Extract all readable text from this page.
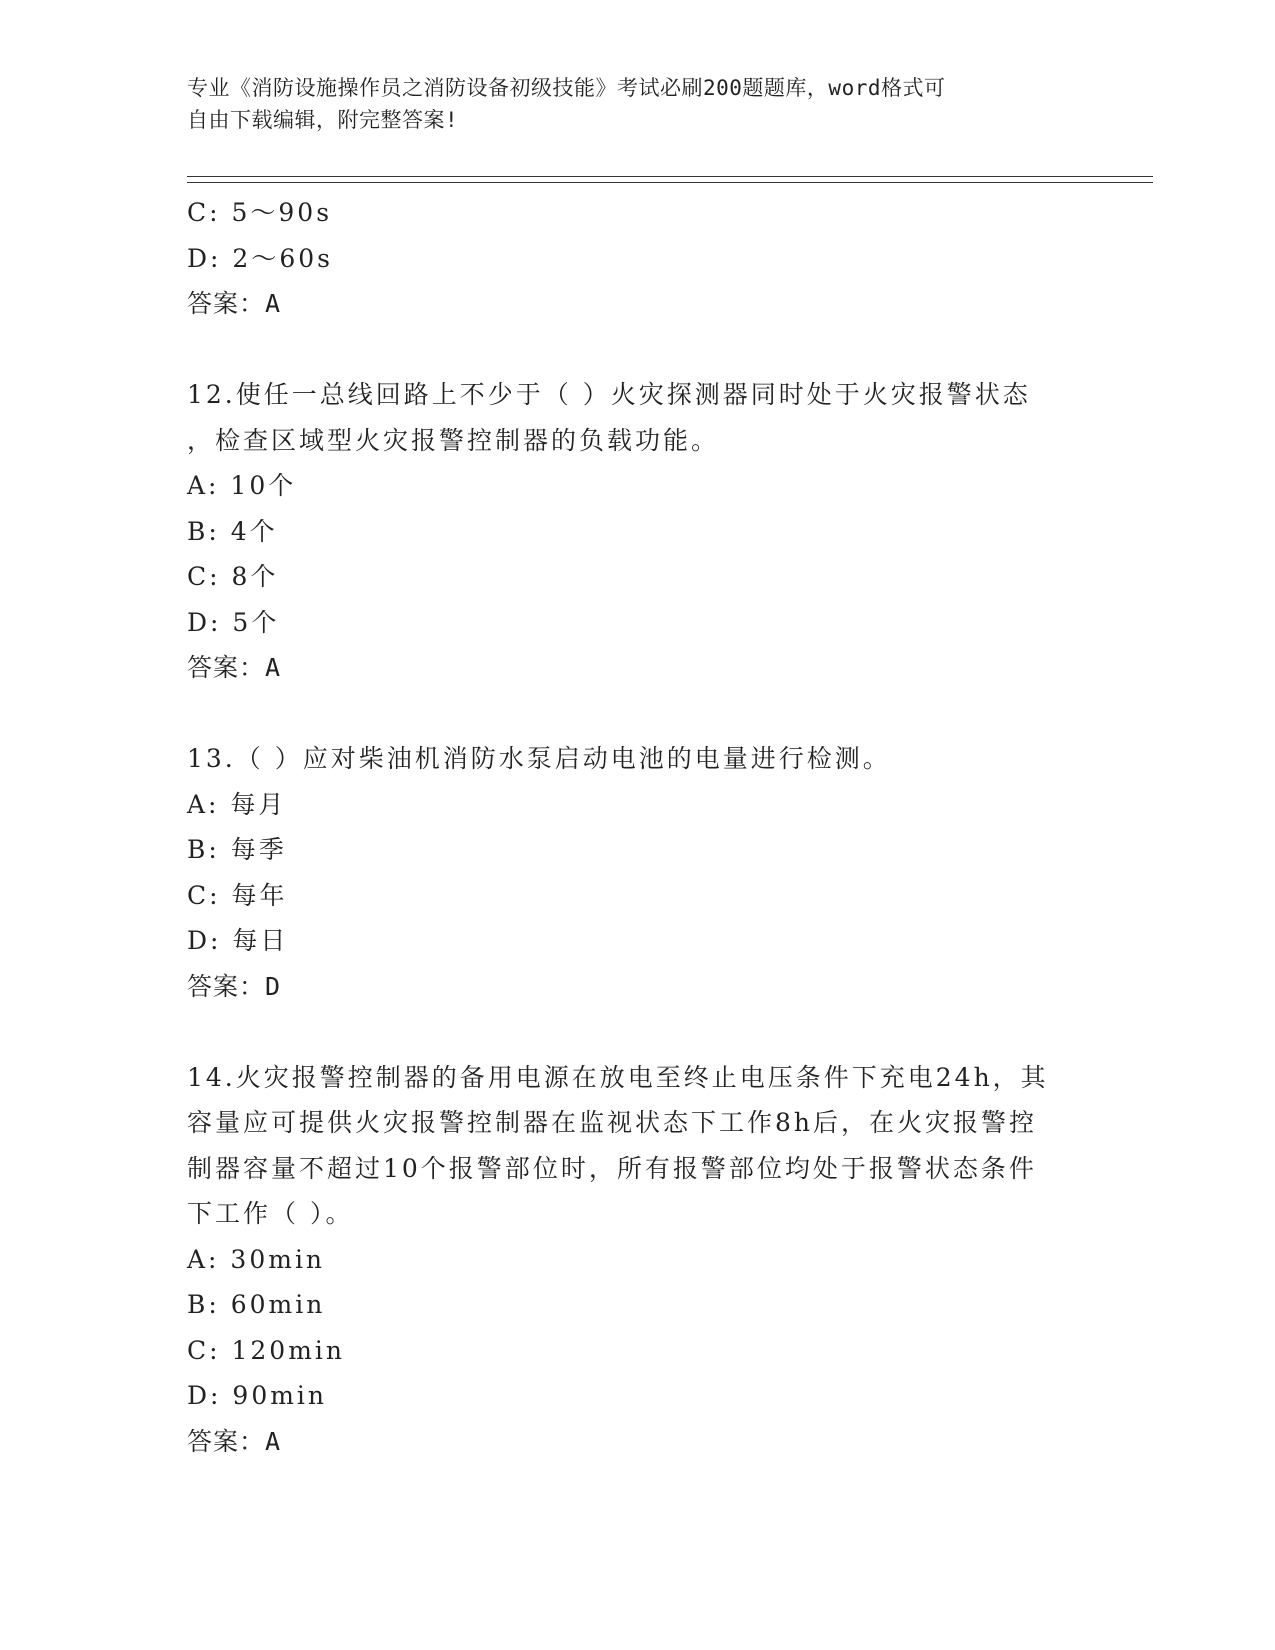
专业《消防设施操作员之消防设备初级技能》考试必刷200题题库，word格式可
自由下载编辑，附完整答案!
C: 5～90s
D: 2～60s
答案：A
12.使任一总线回路上不少于（ ）火灾探测器同时处于火灾报警状态
，检查区域型火灾报警控制器的负载功能。
A: 10个
B: 4个
C: 8个
D: 5个
答案：A
13.（ ）应对柴油机消防水泵启动电池的电量进行检测。
A: 每月
B: 每季
C: 每年
D: 每日
答案：D
14.火灾报警控制器的备用电源在放电至终止电压条件下充电24h，其
容量应可提供火灾报警控制器在监视状态下工作8h后，在火灾报警控
制器容量不超过10个报警部位时，所有报警部位均处于报警状态条件
下工作（ ）。
A: 30min
B: 60min
C: 120min
D: 90min
答案：A
